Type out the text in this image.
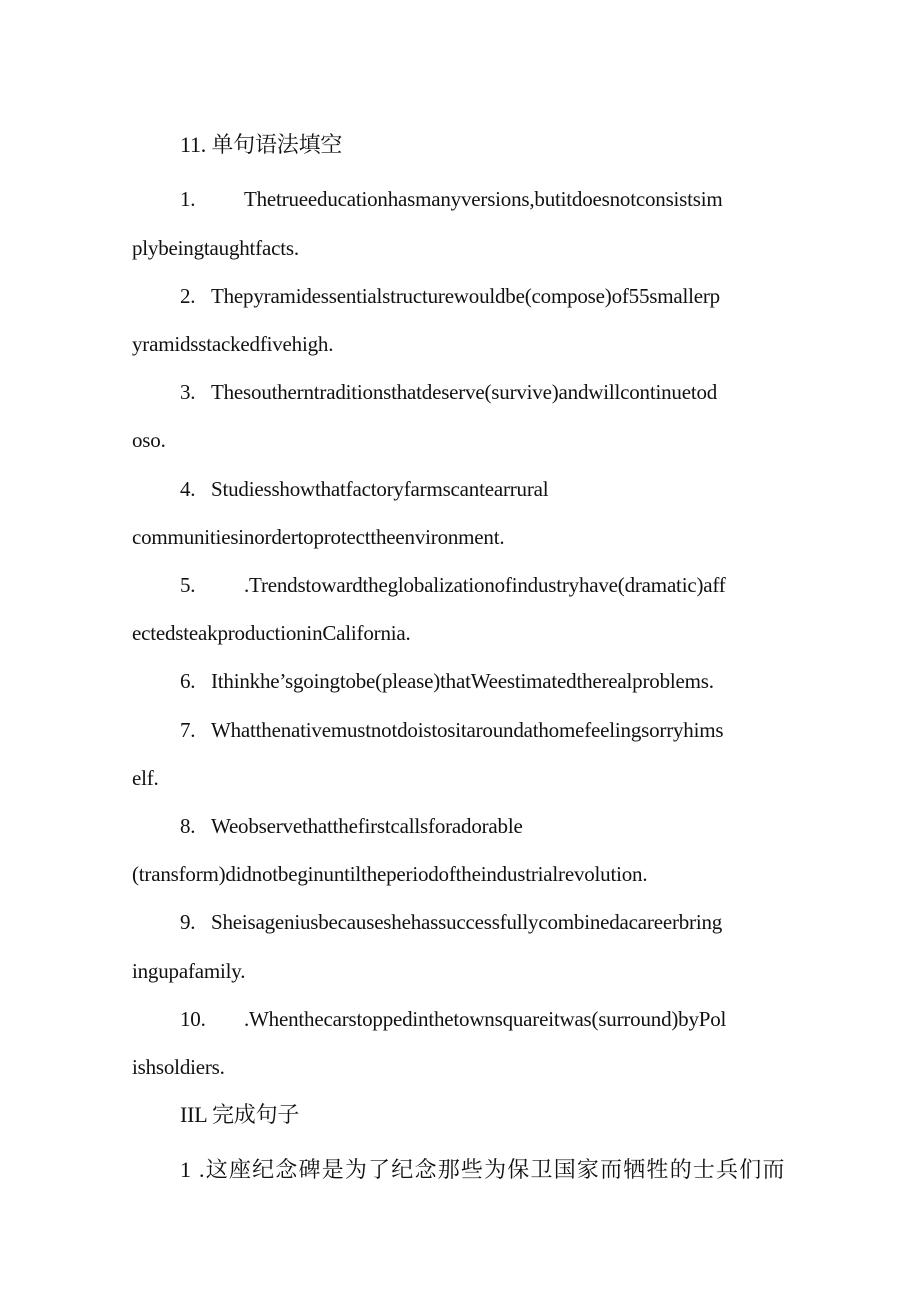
11. 单句语法填空
1. Thetrueeducationhasmanyversions,butitdoesnotconsistsim
plybeingtaughtfacts.
2. Thepyramidessentialstructurewouldbe(compose)of55smallerp
yramidsstackedfivehigh.
3. Thesoutherntraditionsthatdeserve(survive)andwillcontinuetod
oso.
4. Studiesshowthatfactoryfarmscantearrural
communitiesinordertoprotecttheenvironment.
5. .Trendstowardtheglobalizationofindustryhave(dramatic)aff
ectedsteakproductioninCalifornia.
6. Ithinkhe’sgoingtobe(please)thatWeestimatedtherealproblems.
7. Whatthenativemustnotdoistositaroundathomefeelingsorryhims
elf.
8. Weobservethatthefirstcallsforadorable
(transform)didnotbeginuntiltheperiodoftheindustrialrevolution.
9. Sheisageniusbecauseshehassuccessfullycombinedacareerbring
ingupafamily.
10. .Whenthecarstoppedinthetownsquareitwas(surround)byPol
ishsoldiers.
IIL 完成句子
1 .这座纪念碑是为了纪念那些为保卫国家而牺牲的士兵们而
